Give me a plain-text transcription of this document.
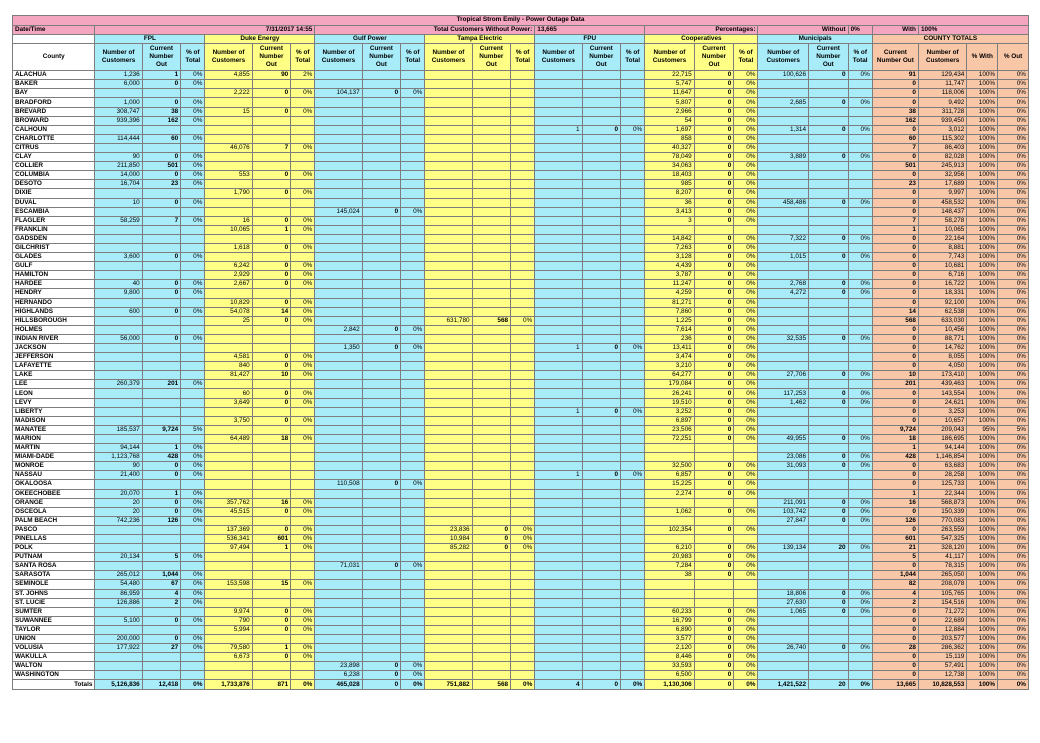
Tropical Strom Emily - Power Outage Data																									
Date/Time	7/31/2017 14:55						Total Customers Without Power:						13,665			Percentages:			Without		0%	With	100%		
	FPL			Duke Energy			Gulf Power			Tampa Electric			FPU			Cooperatives			Municipals			COUNTY TOTALS			
County	Number of Customers	Current Number Out	% of Total	Number of Customers	Current Number Out	% of Total	Number of Customers	Current Number Out	% of Total	Number of Customers	Current Number Out	% of Total	Number of Customers	Current Number Out	% of Total	Number of Customers	Current Number Out	% of Total	Number of Customers	Current Number Out	% of Total	Current Number Out	Number of Customers	% With	% Out
ALACHUA	1,236	1	0%	4,855	90	2%										22,715	0	0%	100,626	0	0%	91	129,434	100%	0%
BAKER	6,000	0	0%													5,747	0	0%				0	11,747	100%	0%
BAY				2,222	0	0%	104,137	0	0%							11,647	0	0%				0	118,006	100%	0%
BRADFORD	1,000	0	0%													5,807	0	0%	2,685	0	0%	0	9,492	100%	0%
BREVARD	308,747	38	0%	15	0	0%										2,966	0	0%				38	311,728	100%	0%
BROWARD	939,396	162	0%													54	0	0%				162	939,450	100%	0%
CALHOUN													1	0	0%	1,697	0	0%	1,314	0	0%	0	3,012	100%	0%
CHARLOTTE	114,444	60	0%													858	0	0%				60	115,302	100%	0%
CITRUS				46,076	7	0%										40,327	0	0%				7	86,403	100%	0%
CLAY	90	0	0%													78,049	0	0%	3,889	0	0%	0	82,028	100%	0%
COLLIER	211,850	501	0%													34,063	0	0%				501	245,913	100%	0%
COLUMBIA	14,000	0	0%	553	0	0%										18,403	0	0%				0	32,956	100%	0%
DESOTO	16,704	23	0%													985	0	0%				23	17,689	100%	0%
DIXIE				1,790	0	0%										8,207	0	0%				0	9,997	100%	0%
DUVAL	10	0	0%													36	0	0%	458,486	0	0%	0	458,532	100%	0%
ESCAMBIA							145,024	0	0%							3,413	0	0%				0	148,437	100%	0%
FLAGLER	58,259	7	0%	16	0	0%										3	0	0%				7	58,278	100%	0%
FRANKLIN				10,065	1	0%																1	10,065	100%	0%
GADSDEN																14,842	0	0%	7,322	0	0%	0	22,164	100%	0%
GILCHRIST				1,618	0	0%										7,263	0	0%				0	8,881	100%	0%
GLADES	3,600	0	0%													3,128	0	0%	1,015	0	0%	0	7,743	100%	0%
GULF				6,242	0	0%										4,439	0	0%				0	10,681	100%	0%
HAMILTON				2,929	0	0%										3,787	0	0%				0	6,716	100%	0%
HARDEE	40	0	0%	2,667	0	0%										11,247	0	0%	2,768	0	0%	0	16,722	100%	0%
HENDRY	9,800	0	0%													4,259	0	0%	4,272	0	0%	0	18,331	100%	0%
HERNANDO				10,829	0	0%										81,271	0	0%				0	92,100	100%	0%
HIGHLANDS	600	0	0%	54,078	14	0%										7,860	0	0%				14	62,538	100%	0%
HILLSBOROUGH				25	0	0%				631,780	568	0%				1,225	0	0%				568	633,030	100%	0%
HOLMES							2,842	0	0%							7,614	0	0%				0	10,456	100%	0%
INDIAN RIVER	56,000	0	0%													236	0	0%	32,535	0	0%	0	88,771	100%	0%
JACKSON							1,350	0	0%				1	0	0%	13,411	0	0%				0	14,762	100%	0%
JEFFERSON				4,581	0	0%										3,474	0	0%				0	8,055	100%	0%
LAFAYETTE				840	0	0%										3,210	0	0%				0	4,050	100%	0%
LAKE				81,427	10	0%										64,277	0	0%	27,706	0	0%	10	173,410	100%	0%
LEE	260,379	201	0%													179,084	0	0%				201	439,463	100%	0%
LEON				60	0	0%										26,241	0	0%	117,253	0	0%	0	143,554	100%	0%
LEVY				3,649	0	0%										19,510	0	0%	1,462	0	0%	0	24,621	100%	0%
LIBERTY													1	0	0%	3,252	0	0%				0	3,253	100%	0%
MADISON				3,750	0	0%										6,897	0	0%				0	10,657	100%	0%
MANATEE	185,537	9,724	5%													23,506	0	0%				9,724	209,043	95%	5%
MARION				64,489	18	0%										72,251	0	0%	49,955	0	0%	18	186,695	100%	0%
MARTIN	94,144	1	0%																			1	94,144	100%	0%
MIAMI-DADE	1,123,768	428	0%																23,086	0	0%	428	1,146,854	100%	0%
MONROE	90	0	0%													32,500	0	0%	31,093	0	0%	0	63,683	100%	0%
NASSAU	21,400	0	0%										1	0	0%	6,857	0	0%				0	28,258	100%	0%
OKALOOSA							110,508	0	0%							15,225	0	0%				0	125,733	100%	0%
OKEECHOBEE	20,070	1	0%													2,274	0	0%				1	22,344	100%	0%
ORANGE	20	0	0%	357,762	16	0%													211,091	0	0%	16	568,873	100%	0%
OSCEOLA	20	0	0%	45,515	0	0%										1,062	0	0%	103,742	0	0%	0	150,339	100%	0%
PALM BEACH	742,236	126	0%																27,847	0	0%	126	770,083	100%	0%
PASCO				137,369	0	0%				23,836	0	0%				102,354	0	0%				0	263,559	100%	0%
PINELLAS				536,341	601	0%				10,984	0	0%										601	547,325	100%	0%
POLK				97,494	1	0%				85,282	0	0%				6,210	0	0%	139,134	20	0%	21	328,120	100%	0%
PUTNAM	20,134	5	0%													20,983	0	0%				5	41,117	100%	0%
SANTA ROSA							71,031	0	0%							7,284	0	0%				0	78,315	100%	0%
SARASOTA	265,012	1,044	0%													38	0	0%				1,044	265,050	100%	0%
SEMINOLE	54,480	67	0%	153,598	15	0%																82	208,078	100%	0%
ST. JOHNS	86,959	4	0%																18,806	0	0%	4	105,765	100%	0%
ST. LUCIE	126,886	2	0%																27,630	0	0%	2	154,516	100%	0%
SUMTER				9,974	0	0%										60,233	0	0%	1,065	0	0%	0	71,272	100%	0%
SUWANNEE	5,100	0	0%	790	0	0%										16,799	0	0%				0	22,689	100%	0%
TAYLOR				5,994	0	0%										6,890	0	0%				0	12,884	100%	0%
UNION	200,000	0	0%													3,577	0	0%				0	203,577	100%	0%
VOLUSIA	177,922	27	0%	79,580	1	0%										2,120	0	0%	26,740	0	0%	28	286,362	100%	0%
WAKULLA				6,673	0	0%										8,446	0	0%				0	15,119	100%	0%
WALTON							23,898	0	0%							33,593	0	0%				0	57,491	100%	0%
WASHINGTON							6,238	0	0%							6,500	0	0%				0	12,738	100%	0%
Totals	5,126,836	12,418	0%	1,733,876	871	0%	465,028	0	0%	751,882	568	0%	4	0	0%	1,130,306	0	0%	1,421,522	20	0%	13,665	10,828,553	100%	0%
